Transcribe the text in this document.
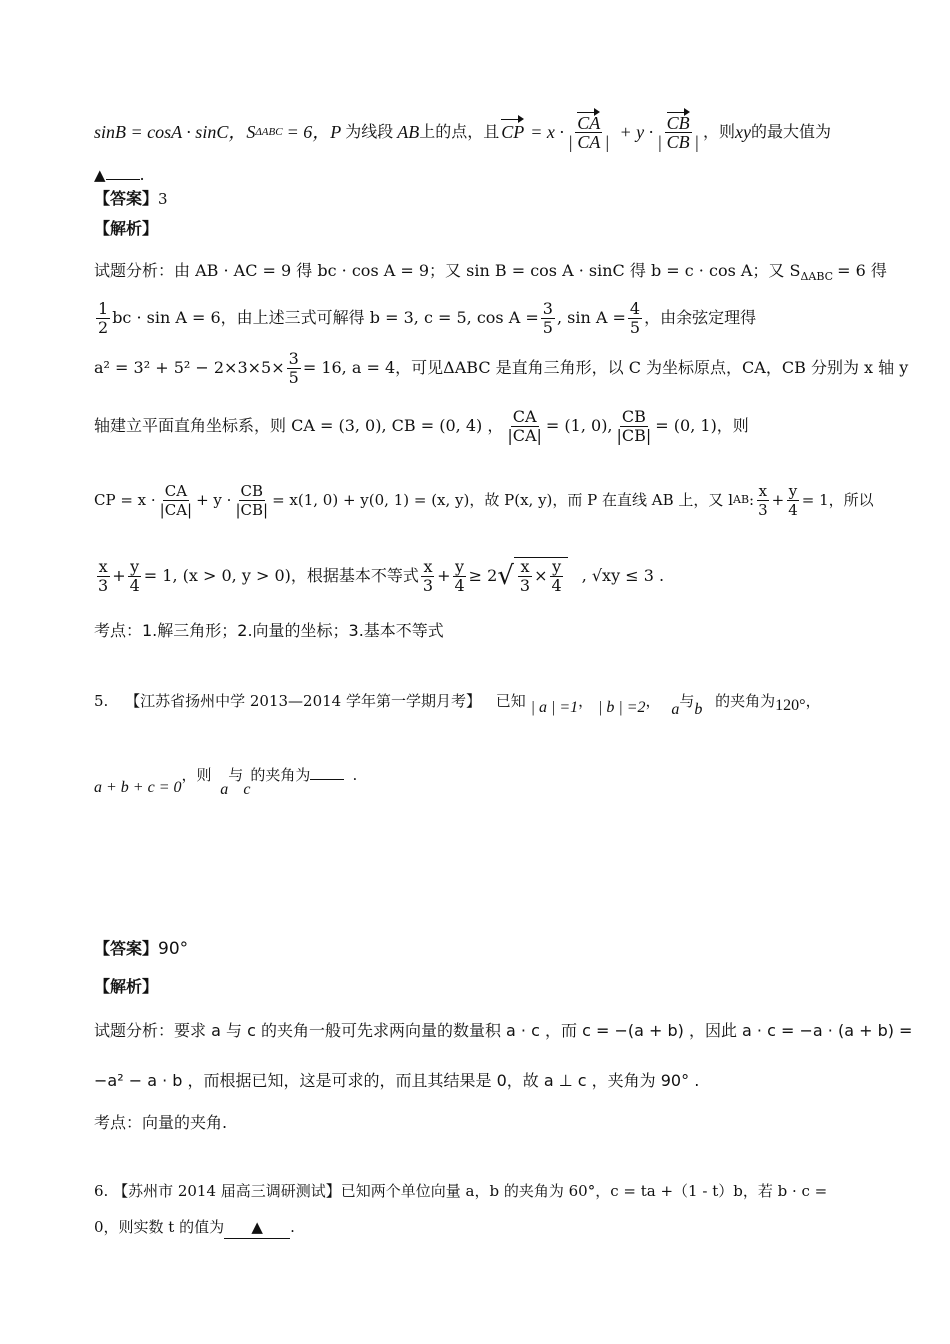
sinB = cosA · sinC，S ΔABC = 6，P 为线段 AB 上的点，且 CP = $x \cdot \frac{CA}{| CA |} + y \cdot \frac{CB}{| CB |}$ ，则 xy 的最大值为
▲ .
【答案】3
【解析】
试题分析：由 AB · AC = 9 得 bc · cos A = 9；又 sin B = cos A · sinC 得 b = c · cos A；又 $S_{\Delta ABC} = 6$ 得
$\frac{1}{2}$ bc · sin A = 6，由上述三式可解得 b = 3, c = 5, $\cos A = \frac{3}{5}$ , $\sin A = \frac{4}{5}$ ，由余弦定理得
$a^2 = 3^2 + 5^2 - 2\times 3\times 5\times \frac{3}{5} = 16$, a = 4，可见ΔABC 是直角三角形，以 C 为坐标原点，CA，CB 分别为 x 轴 y
轴建立平面直角坐标系，则 CA = (3, 0), CB = (0, 4) ， $\frac{CA}{|CA|} = (1$, 0), $\frac{CB}{|CB|} = (0$, 1)，则
CP = $x \cdot \frac{CA}{|CA|} + y \cdot \frac{CB}{|CB|} = x(1$, 0) + y(0, 1) = (x, y)，故 P(x, y)，而 P 在直线 AB 上，又 l AB : $\frac{x}{3} + \frac{y}{4} = 1$，所以
$\frac{x}{3} + \frac{y}{4} = 1$, (x > 0, y > 0)，根据基本不等式 $\frac{x}{3} + \frac{y}{4} \ge 2$ √ $\frac{x}{3} \times \frac{y}{4}$ , √xy ≤ 3 .
考点：1.解三角形；2.向量的坐标；3.基本不等式
5. 【江苏省扬州中学 2013—2014 学年第一学期月考】 已知 | a | =1， | b | =2， a与b 的夹角为120°，
a + b + c = 0，则 a与c的夹角为	.
【答案】90°
【解析】
试题分析：要求 a 与 c 的夹角一般可先求两向量的数量积 a · c ，而 c = −(a + b) ，因此 a · c = −a · (a + b) =
−a² − a · b ，而根据已知，这是可求的，而且其结果是 0，故 a ⊥ c ，夹角为 90° .
考点：向量的夹角.
6. 【苏州市 2014 届高三调研测试】已知两个单位向量 a，b 的夹角为 60°，c = ta +（1 - t）b，若 b · c =
0，则实数 t 的值为 ▲ .
